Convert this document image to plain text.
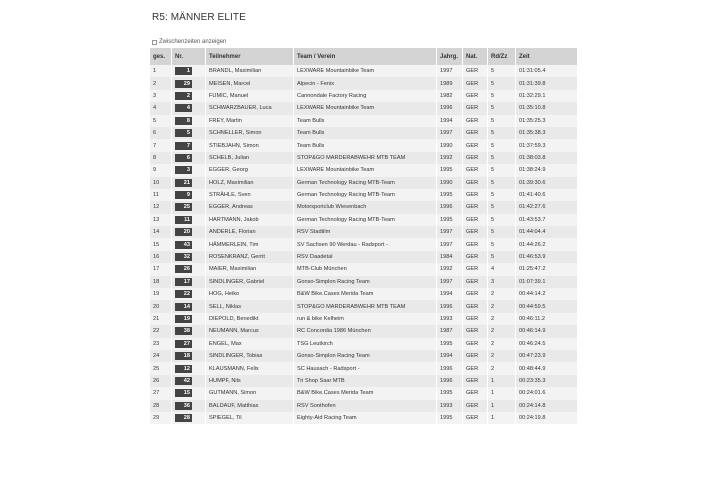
R5: MÄNNER ELITE
Zwischenzeiten anzeigen
ges.	Nr.	Teilnehmer	Team / Verein	Jahrg.	Nat.	Rd/Zz	Zeit
1	1	BRANDL, Maximilian	LEXWARE Mountainbike Team	1997	GER	5	01:31:05.4
2	29	MEISEN, Marcel	Alpecin - Fenix	1989	GER	5	01:31:39.8
3	2	FUMIC, Manuel	Cannondale Factory Racing	1982	GER	5	01:32:29.1
4	4	SCHWARZBAUER, Luca	LEXWARE Mountainbike Team	1996	GER	5	01:35:10.8
5	8	FREY, Martin	Team Bulls	1994	GER	5	01:35:25.3
6	5	SCHNELLER, Simon	Team Bulls	1997	GER	5	01:35:38.3
7	7	STIEBJAHN, Simon	Team Bulls	1990	GER	5	01:37:59.3
8	6	SCHELB, Julian	STOP&GO MARDERABWEHR MTB TEAM	1992	GER	5	01:38:03.8
9	3	EGGER, Georg	LEXWARE Mountainbike Team	1995	GER	5	01:38:24.9
10	21	HOLZ, Maximilian	German Technology Racing MTB-Team	1990	GER	5	01:39:30.6
11	9	STRÄHLE, Sven	German Technology Racing MTB-Team	1995	GER	5	01:41:40.6
12	25	EGGER, Andreas	Motorsportclub Wiesenbach	1996	GER	5	01:42:27.6
13	11	HARTMANN, Jakob	German Technology Racing MTB-Team	1995	GER	5	01:43:53.7
14	20	ANDERLE, Florian	RSV Stadtilm	1997	GER	5	01:44:04.4
15	43	HÄMMERLEIN, Tim	SV Sachsen 90 Werdau - Radsport -	1997	GER	5	01:44:26.2
16	32	ROSENKRANZ, Gerrit	RSV Daadetal	1984	GER	5	01:46:53.9
17	26	MAIER, Maximilian	MTB-Club München	1992	GER	4	01:25:47.2
18	17	SINDLINGER, Gabriel	Gonso-Simplon Racing Team	1997	GER	3	01:07:39.1
19	22	HOG, Heiko	B&W Bike.Cases Merida Team	1994	GER	2	00:44:14.2
20	14	SELL, Niklas	STOP&GO MARDERABWEHR MTB TEAM	1996	GER	2	00:44:59.5
21	19	DIEPOLD, Benedikt	run & bike Kelheim	1993	GER	2	00:46:11.2
22	38	NEUMANN, Marcus	RC Concordia 1986 München	1987	GER	2	00:46:14.9
23	27	ENGEL, Max	TSG Leutkirch	1995	GER	2	00:46:24.5
24	18	SINDLINGER, Tobias	Gonso-Simplon Racing Team	1994	GER	2	00:47:23.9
25	12	KLAUSMANN, Felix	SC Hausach - Radsport -	1996	GER	2	00:48:44.9
26	42	HUMPF, Nils	Tri Shop Saar MTB	1996	GER	1	00:23:35.3
27	15	GUTMANN, Simon	B&W Bike.Cases Merida Team	1995	GER	1	00:24:01.6
28	36	BALDAUF, Matthias	RSV Sonthofen	1993	GER	1	00:24:14.8
29	28	SPIEGEL, Til	Eighty-Aid Racing Team	1995	GER	1	00:24:19.8
